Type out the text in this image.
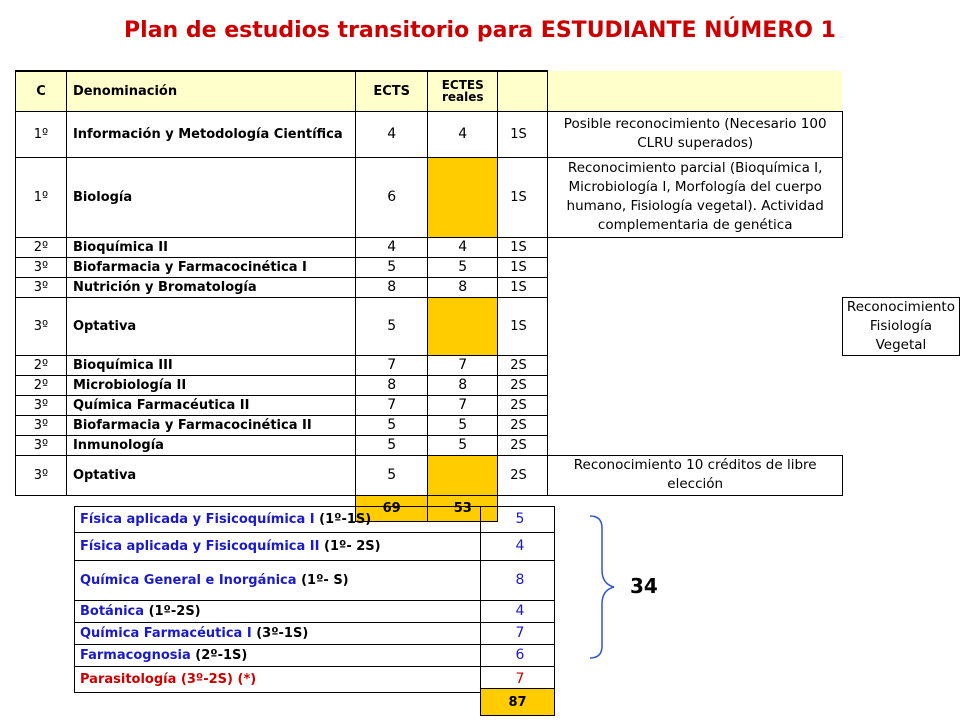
Plan de estudios transitorio para ESTUDIANTE NÚMERO 1
C	Denominación	ECTS	ECTES reales			
1º	Información y Metodología Científica	4	4	1S	Posible reconocimiento (Necesario 100 CLRU superados)	
1º	Biología	6		1S	Reconocimiento parcial (Bioquímica I, Microbiología I, Morfología del cuerpo humano, Fisiología vegetal). Actividad complementaria de genética	
2º	Bioquímica II	4	4	1S		
3º	Biofarmacia y Farmacocinética I	5	5	1S		
3º	Nutrición y Bromatología	8	8	1S		
3º	Optativa	5		1S		Reconocimiento Fisiología Vegetal
2º	Bioquímica III	7	7	2S		
2º	Microbiología II	8	8	2S		
3º	Química Farmacéutica II	7	7	2S		
3º	Biofarmacia y Farmacocinética II	5	5	2S		
3º	Inmunología	5	5	2S		
3º	Optativa	5		2S	Reconocimiento 10 créditos de libre elección	
		69	53			
Física aplicada y Fisicoquímica I (1º-1S)	5
Física aplicada y Fisicoquímica II (1º- 2S)	4
Química General e Inorgánica (1º- S)	8
Botánica (1º-2S)	4
Química Farmacéutica I (3º-1S)	7
Farmacognosia (2º-1S)	6
Parasitología (3º-2S) (*)	7
87
34
